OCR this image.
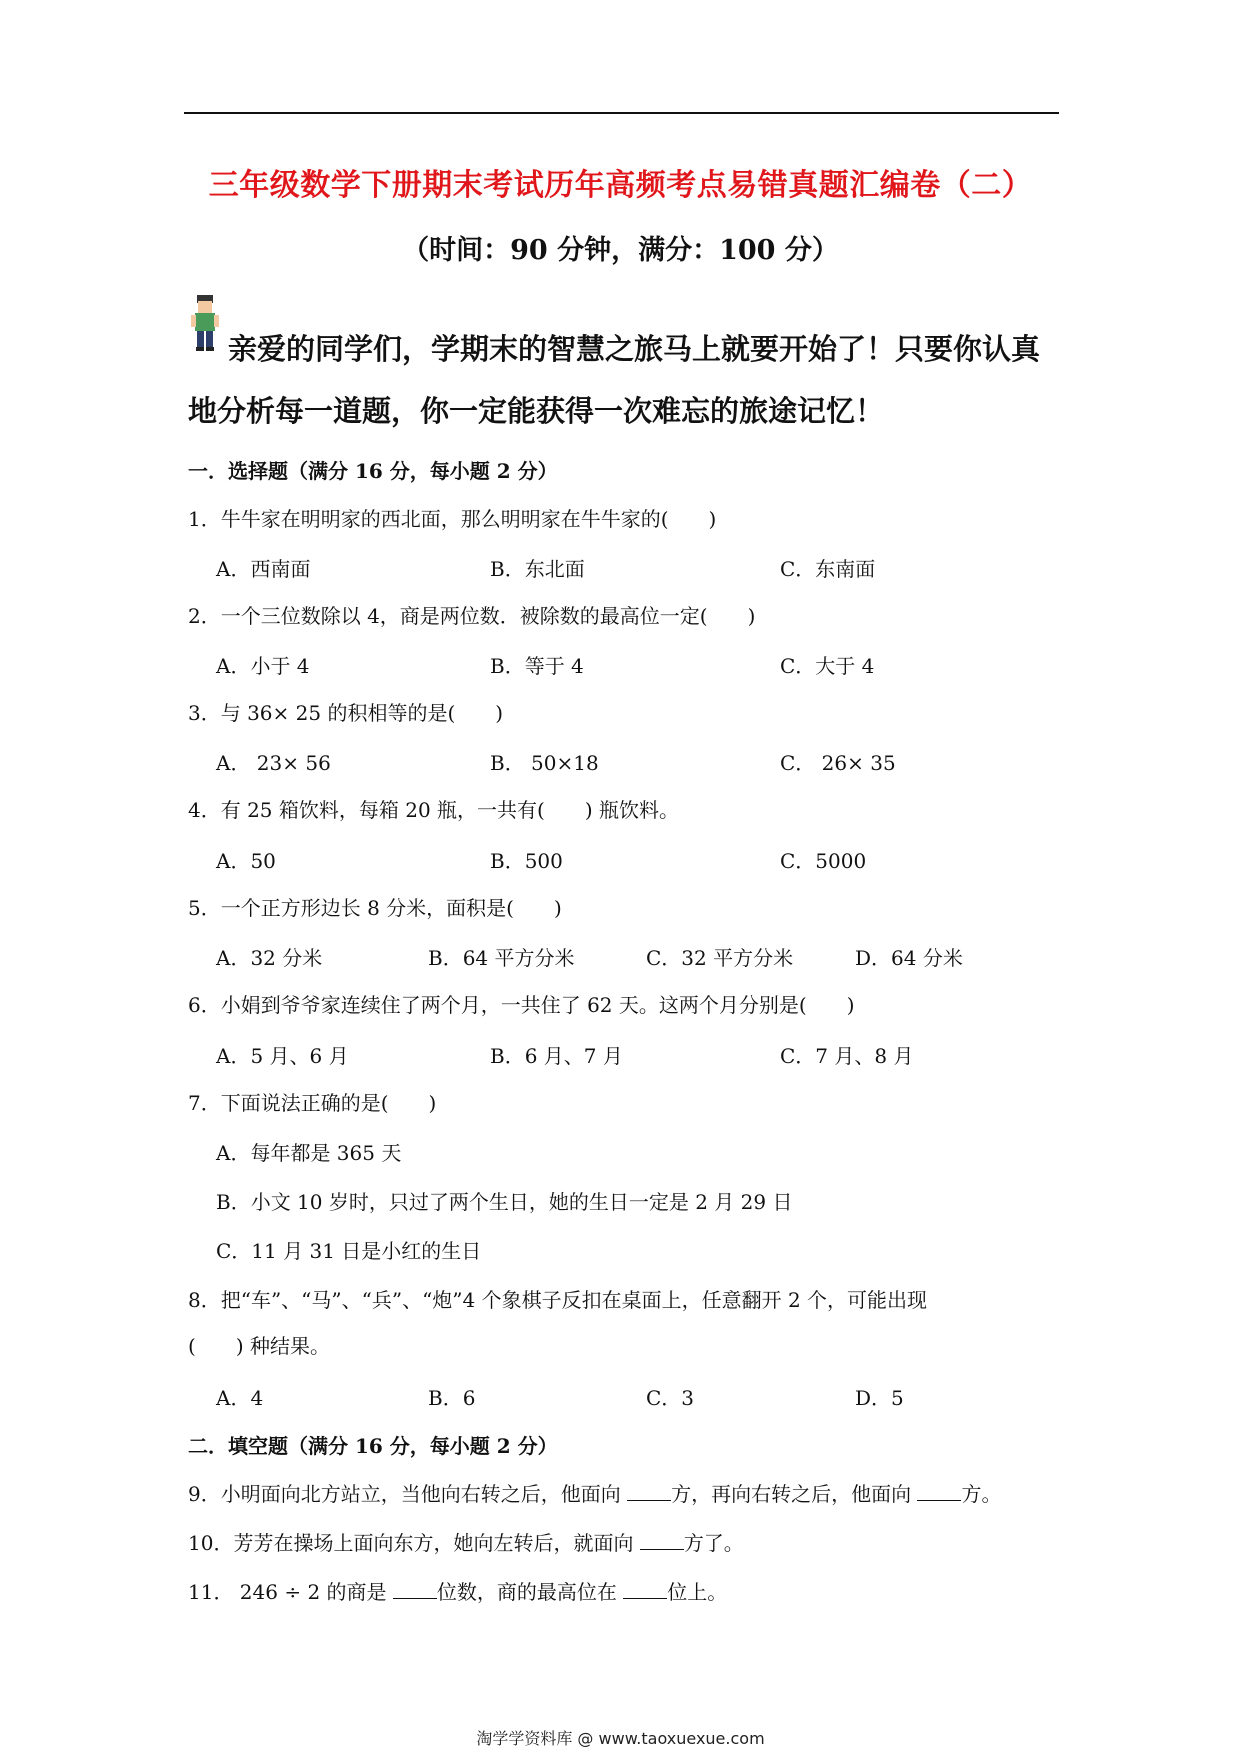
三年级数学下册期末考试历年高频考点易错真题汇编卷（二）
（时间：90 分钟，满分：100 分）
亲爱的同学们，学期末的智慧之旅马上就要开始了！只要你认真
地分析每一道题，你一定能获得一次难忘的旅途记忆！
一．选择题（满分 16 分，每小题 2 分）
1．牛牛家在明明家的西北面，那么明明家在牛牛家的( )
A．西南面	B．东北面	C．东南面
2．一个三位数除以 4，商是两位数．被除数的最高位一定( )
A．小于 4	B．等于 4	C．大于 4
3．与 36× 25 的积相等的是( )
A． 23× 56	B． 50×18	C． 26× 35
4．有 25 箱饮料，每箱 20 瓶，一共有( ) 瓶饮料。
A．50	B．500	C．5000
5．一个正方形边长 8 分米，面积是( )
A．32 分米	B．64 平方分米	C．32 平方分米	D．64 分米
6．小娟到爷爷家连续住了两个月，一共住了 62 天。这两个月分别是( )
A．5 月、6 月	B．6 月、7 月	C．7 月、8 月
7．下面说法正确的是( )
A．每年都是 365 天
B．小文 10 岁时，只过了两个生日，她的生日一定是 2 月 29 日
C．11 月 31 日是小红的生日
8．把“车”、“马”、“兵”、“炮”4 个象棋子反扣在桌面上，任意翻开 2 个，可能出现
( ) 种结果。
A．4	B．6	C．3	D．5
二．填空题（满分 16 分，每小题 2 分）
9．小明面向北方站立，当他向右转之后，他面向 方，再向右转之后，他面向 方。
10．芳芳在操场上面向东方，她向左转后，就面向 方了。
11． 246 ÷ 2 的商是 位数，商的最高位在 位上。
淘学学资料库 @ www.taoxuexue.com
